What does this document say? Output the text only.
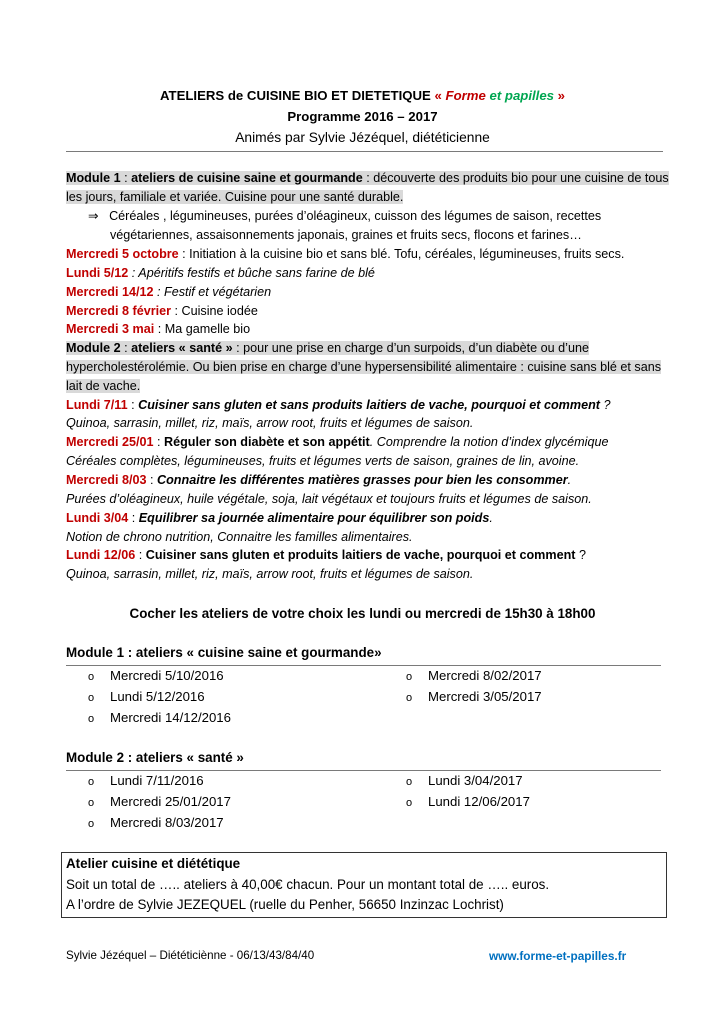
ATELIERS de CUISINE BIO ET DIETETIQUE « Forme et papilles »
Programme 2016 – 2017
Animés par Sylvie Jézéquel, diététicienne
Module 1 : ateliers de cuisine saine et gourmande : découverte des produits bio pour une cuisine de tous
les jours, familiale et variée. Cuisine pour une santé durable.
⇒ Céréales , légumineuses, purées d’oléagineux, cuisson des légumes de saison, recettes
végétariennes, assaisonnements japonais, graines et fruits secs, flocons et farines…
Mercredi 5 octobre : Initiation à la cuisine bio et sans blé. Tofu, céréales, légumineuses, fruits secs.
Lundi 5/12 : Apéritifs festifs et bûche sans farine de blé
Mercredi 14/12 : Festif et végétarien
Mercredi 8 février : Cuisine iodée
Mercredi 3 mai : Ma gamelle bio
Module 2 : ateliers « santé » : pour une prise en charge d’un surpoids, d’un diabète ou d’une
hypercholestérolémie. Ou bien prise en charge d’une hypersensibilité alimentaire : cuisine sans blé et sans
lait de vache.
Lundi 7/11 : Cuisiner sans gluten et sans produits laitiers de vache, pourquoi et comment ?
Quinoa, sarrasin, millet, riz, maïs, arrow root, fruits et légumes de saison.
Mercredi 25/01 : Réguler son diabète et son appétit. Comprendre la notion d’index glycémique
Céréales complètes, légumineuses, fruits et légumes verts de saison, graines de lin, avoine.
Mercredi 8/03 : Connaitre les différentes matières grasses pour bien les consommer.
Purées d’oléagineux, huile végétale, soja, lait végétaux et toujours fruits et légumes de saison.
Lundi 3/04 : Equilibrer sa journée alimentaire pour équilibrer son poids.
Notion de chrono nutrition, Connaitre les familles alimentaires.
Lundi 12/06 : Cuisiner sans gluten et produits laitiers de vache, pourquoi et comment ?
Quinoa, sarrasin, millet, riz, maïs, arrow root, fruits et légumes de saison.
Cocher les ateliers de votre choix les lundi ou mercredi de 15h30 à 18h00
Module 1 : ateliers « cuisine saine et gourmande»
o Mercredi 5/10/2016
o Lundi 5/12/2016
o Mercredi 14/12/2016
o Mercredi 8/02/2017
o Mercredi 3/05/2017
Module 2 : ateliers « santé »
o Lundi 7/11/2016
o Mercredi 25/01/2017
o Mercredi 8/03/2017
o Lundi 3/04/2017
o Lundi 12/06/2017
Atelier cuisine et diététique
Soit un total de ….. ateliers à 40,00€ chacun. Pour un montant total de ….. euros.
A l’ordre de Sylvie JEZEQUEL (ruelle du Penher, 56650 Inzinzac Lochrist)
Sylvie Jézéquel – Diététiciènne - 06/13/43/84/40	www.forme-et-papilles.fr
